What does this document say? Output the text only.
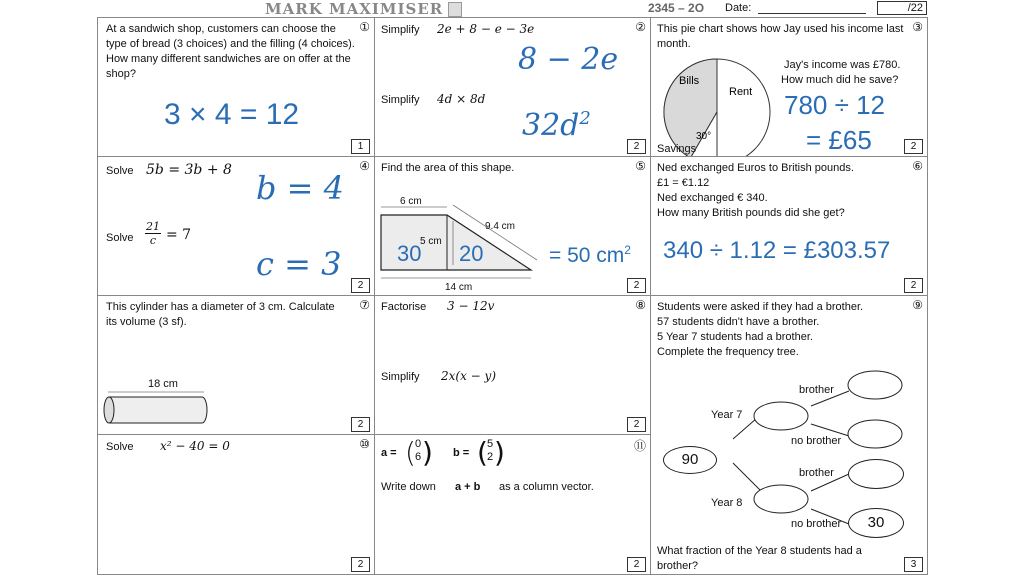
MARK MAXIMISER	2345 – 2O Date:	/22
At a sandwich shop, customers can choose the type of bread (3 choices) and the filling (4 choices). How many different sandwiches are on offer at the shop?
3 × 4 = 12
①
1
Simplify 2e + 8 − e − 3e
8 − 2e
Simplify 4d × 8d
$32d^2$
②
2
This pie chart shows how Jay used his income last month.
Bills
Rent
30°
Savings
Jay's income was £780.
How much did he save?
780 ÷ 12
= £65
③
2
Solve 5b = 3b + 8 b = 4
Solve $\frac{21}{c} = 7$
c = 3
④
2
Find the area of this shape.
6 cm
9.4 cm
5 cm
14 cm
30 20	= 50 $cm^2$
⑤
2
Ned exchanged Euros to British pounds.
£1 = €1.12
Ned exchanged € 340.
How many British pounds did she get?
340 ÷ 1.12 = £303.57
⑥
2
This cylinder has a diameter of 3 cm. Calculate its volume (3 sf).
18 cm
⑦
2
Factorise 3 − 12v
Simplify 2x(x − y)
⑧
2
Students were asked if they had a brother.
57 students didn't have a brother.
5 Year 7 students had a brother.
Complete the frequency tree.
90
Year 7
Year 8
brother
no brother
brother
no brother	30
What fraction of the Year 8 students had a brother?
⑨
3
Solve x² − 40 = 0	⑩
2
a = ( 0
6 ) b = ( 5
2 )
Write down a + b as a column vector.
⑪
2
